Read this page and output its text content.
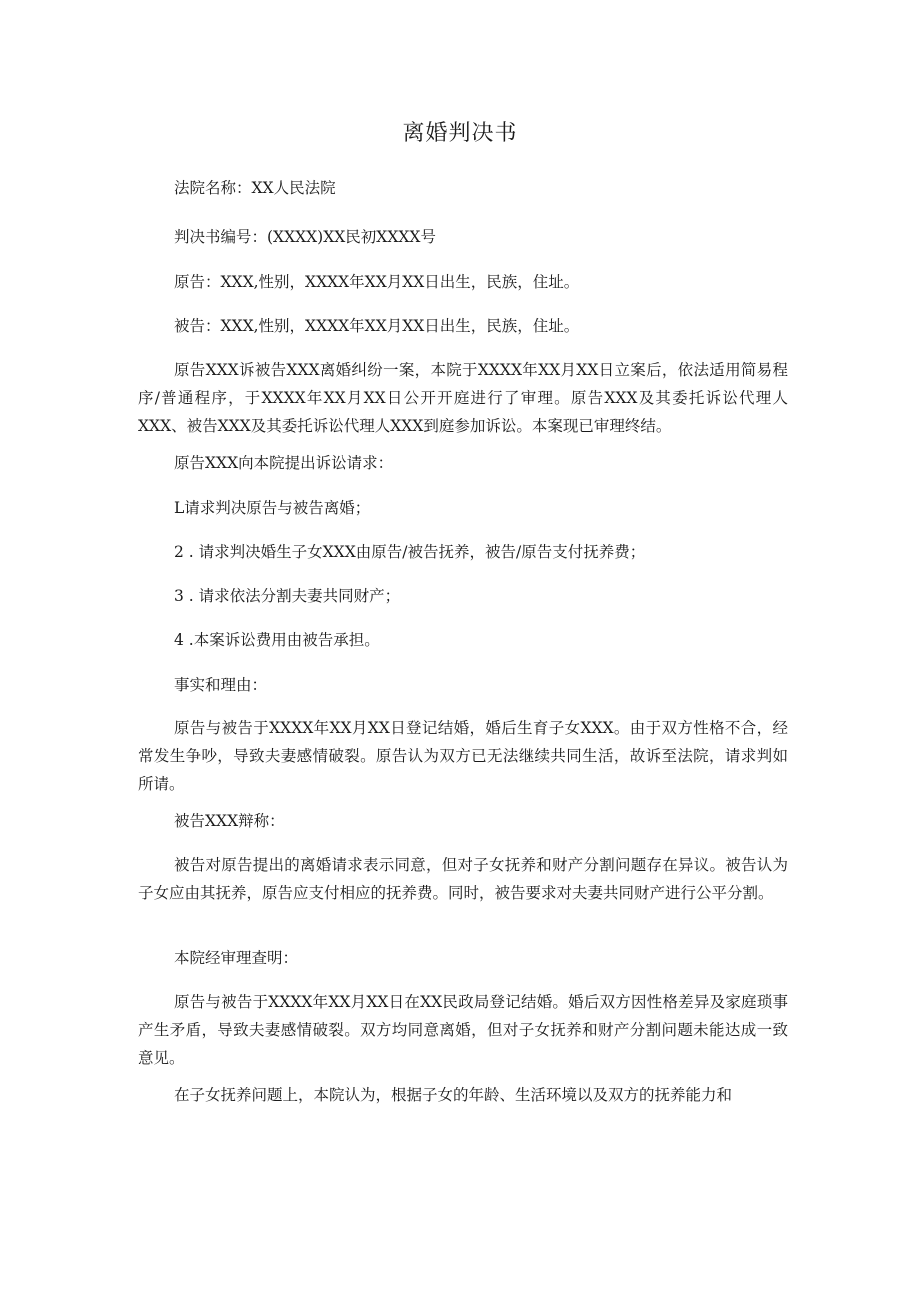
离婚判决书
法院名称：XX人民法院
判决书编号：(XXXX)XX民初XXXX号
原告：XXX,性别，XXXX年XX月XX日出生，民族，住址。
被告：XXX,性别，XXXX年XX月XX日出生，民族，住址。
原告XXX诉被告XXX离婚纠纷一案，本院于XXXX年XX月XX日立案后，依法适用简易程序/普通程序，于XXXX年XX月XX日公开开庭进行了审理。原告XXX及其委托诉讼代理人XXX、被告XXX及其委托诉讼代理人XXX到庭参加诉讼。本案现已审理终结。
原告XXX向本院提出诉讼请求：
L请求判决原告与被告离婚；
2 . 请求判决婚生子女XXX由原告/被告抚养，被告/原告支付抚养费；
3 . 请求依法分割夫妻共同财产；
4 .本案诉讼费用由被告承担。
事实和理由：
原告与被告于XXXX年XX月XX日登记结婚，婚后生育子女XXX。由于双方性格不合，经常发生争吵，导致夫妻感情破裂。原告认为双方已无法继续共同生活，故诉至法院，请求判如所请。
被告XXX辩称：
被告对原告提出的离婚请求表示同意，但对子女抚养和财产分割问题存在异议。被告认为子女应由其抚养，原告应支付相应的抚养费。同时，被告要求对夫妻共同财产进行公平分割。
本院经审理查明：
原告与被告于XXXX年XX月XX日在XX民政局登记结婚。婚后双方因性格差异及家庭琐事产生矛盾，导致夫妻感情破裂。双方均同意离婚，但对子女抚养和财产分割问题未能达成一致意见。
在子女抚养问题上，本院认为，根据子女的年龄、生活环境以及双方的抚养能力和
